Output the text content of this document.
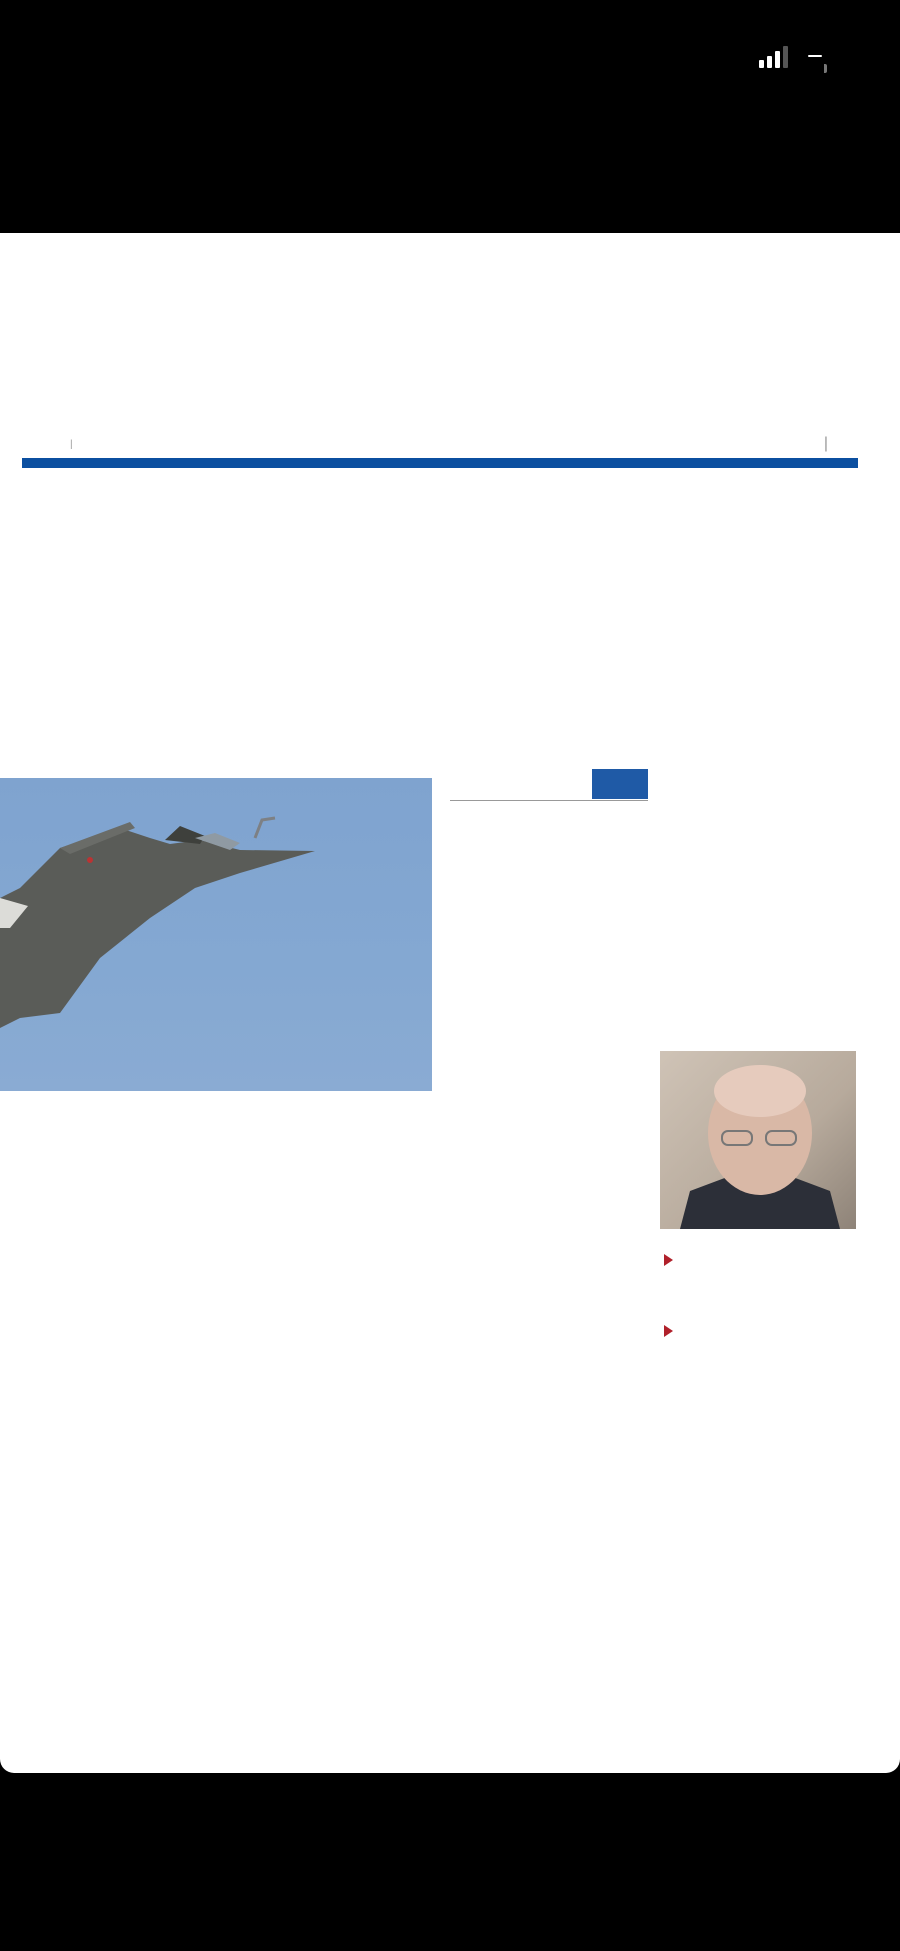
|	|
